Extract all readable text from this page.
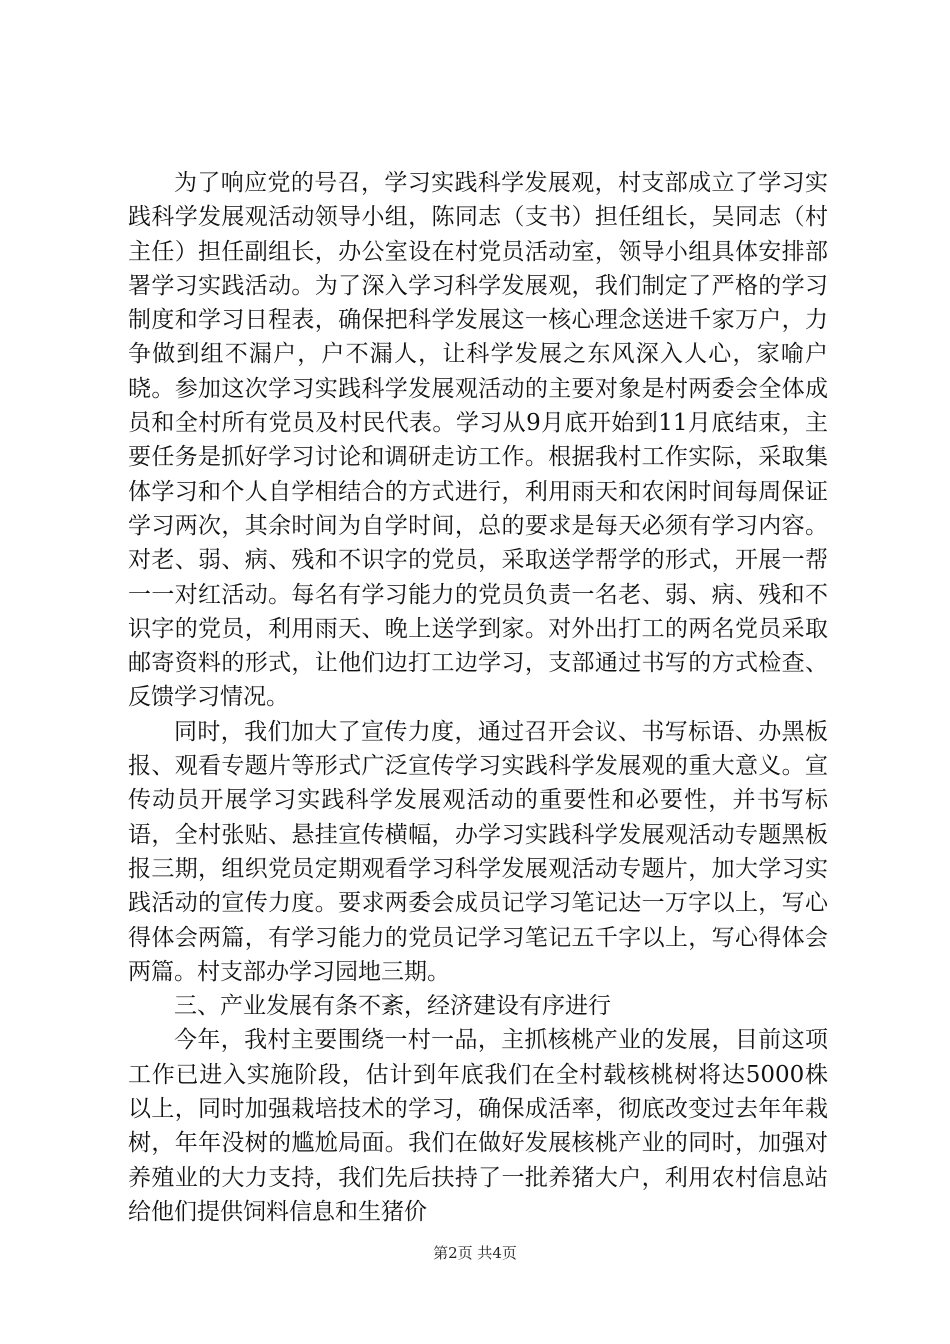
为了响应党的号召，学习实践科学发展观，村支部成立了学习实践科学发展观活动领导小组，陈同志（支书）担任组长，吴同志（村主任）担任副组长，办公室设在村党员活动室，领导小组具体安排部署学习实践活动。为了深入学习科学发展观，我们制定了严格的学习制度和学习日程表，确保把科学发展这一核心理念送进千家万户，力争做到组不漏户，户不漏人，让科学发展之东风深入人心，家喻户晓。参加这次学习实践科学发展观活动的主要对象是村两委会全体成员和全村所有党员及村民代表。学习从9月底开始到11月底结束，主要任务是抓好学习讨论和调研走访工作。根据我村工作实际，采取集体学习和个人自学相结合的方式进行，利用雨天和农闲时间每周保证学习两次，其余时间为自学时间，总的要求是每天必须有学习内容。对老、弱、病、残和不识字的党员，采取送学帮学的形式，开展一帮一一对红活动。每名有学习能力的党员负责一名老、弱、病、残和不识字的党员，利用雨天、晚上送学到家。对外出打工的两名党员采取邮寄资料的形式，让他们边打工边学习，支部通过书写的方式检查、反馈学习情况。

同时，我们加大了宣传力度，通过召开会议、书写标语、办黑板报、观看专题片等形式广泛宣传学习实践科学发展观的重大意义。宣传动员开展学习实践科学发展观活动的重要性和必要性，并书写标语，全村张贴、悬挂宣传横幅，办学习实践科学发展观活动专题黑板报三期，组织党员定期观看学习科学发展观活动专题片，加大学习实践活动的宣传力度。要求两委会成员记学习笔记达一万字以上，写心得体会两篇，有学习能力的党员记学习笔记五千字以上，写心得体会两篇。村支部办学习园地三期。

三、产业发展有条不紊，经济建设有序进行

今年，我村主要围绕一村一品，主抓核桃产业的发展，目前这项工作已进入实施阶段，估计到年底我们在全村载核桃树将达5000株以上，同时加强栽培技术的学习，确保成活率，彻底改变过去年年栽树，年年没树的尴尬局面。我们在做好发展核桃产业的同时，加强对养殖业的大力支持，我们先后扶持了一批养猪大户，利用农村信息站给他们提供饲料信息和生猪价

第2页 共4页
